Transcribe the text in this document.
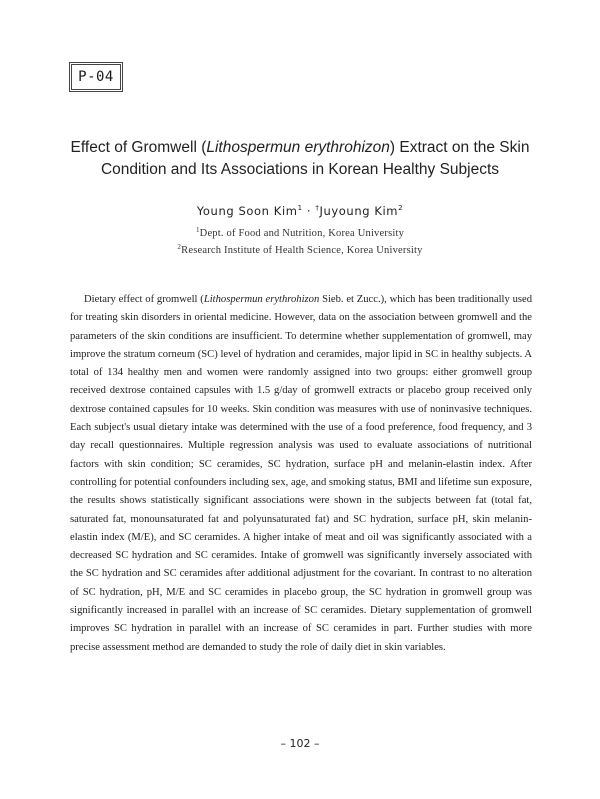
P-04
Effect of Gromwell (Lithospermun erythrohizon) Extract on the Skin
Condition and Its Associations in Korean Healthy Subjects
Young Soon Kim$^1$ · †Juyoung Kim$^2$
$^1$Dept. of Food and Nutrition, Korea University
$^2$Research Institute of Health Science, Korea University
Dietary effect of gromwell (Lithospermun erythrohizon Sieb. et Zucc.), which has been traditionally used for treating skin disorders in oriental medicine. However, data on the association between gromwell and the parameters of the skin conditions are insufficient. To determine whether supplementation of gromwell, may improve the stratum corneum (SC) level of hydration and ceramides, major lipid in SC in healthy subjects. A total of 134 healthy men and women were randomly assigned into two groups: either gromwell group received dextrose contained capsules with 1.5 g/day of gromwell extracts or placebo group received only dextrose contained capsules for 10 weeks. Skin condition was measures with use of noninvasive techniques. Each subject's usual dietary intake was determined with the use of a food preference, food frequency, and 3 day recall questionnaires. Multiple regression analysis was used to evaluate associations of nutritional factors with skin condition; SC ceramides, SC hydration, surface pH and melanin-elastin index. After controlling for potential confounders including sex, age, and smoking status, BMI and lifetime sun exposure, the results shows statistically significant associations were shown in the subjects between fat (total fat, saturated fat, monounsaturated fat and polyunsaturated fat) and SC hydration, surface pH, skin melanin-elastin index (M/E), and SC ceramides. A higher intake of meat and oil was significantly associated with a decreased SC hydration and SC ceramides. Intake of gromwell was significantly inversely associated with the SC hydration and SC ceramides after additional adjustment for the covariant. In contrast to no alteration of SC hydration, pH, M/E and SC ceramides in placebo group, the SC hydration in gromwell group was significantly increased in parallel with an increase of SC ceramides. Dietary supplementation of gromwell improves SC hydration in parallel with an increase of SC ceramides in part. Further studies with more precise assessment method are demanded to study the role of daily diet in skin variables.
– 102 –
